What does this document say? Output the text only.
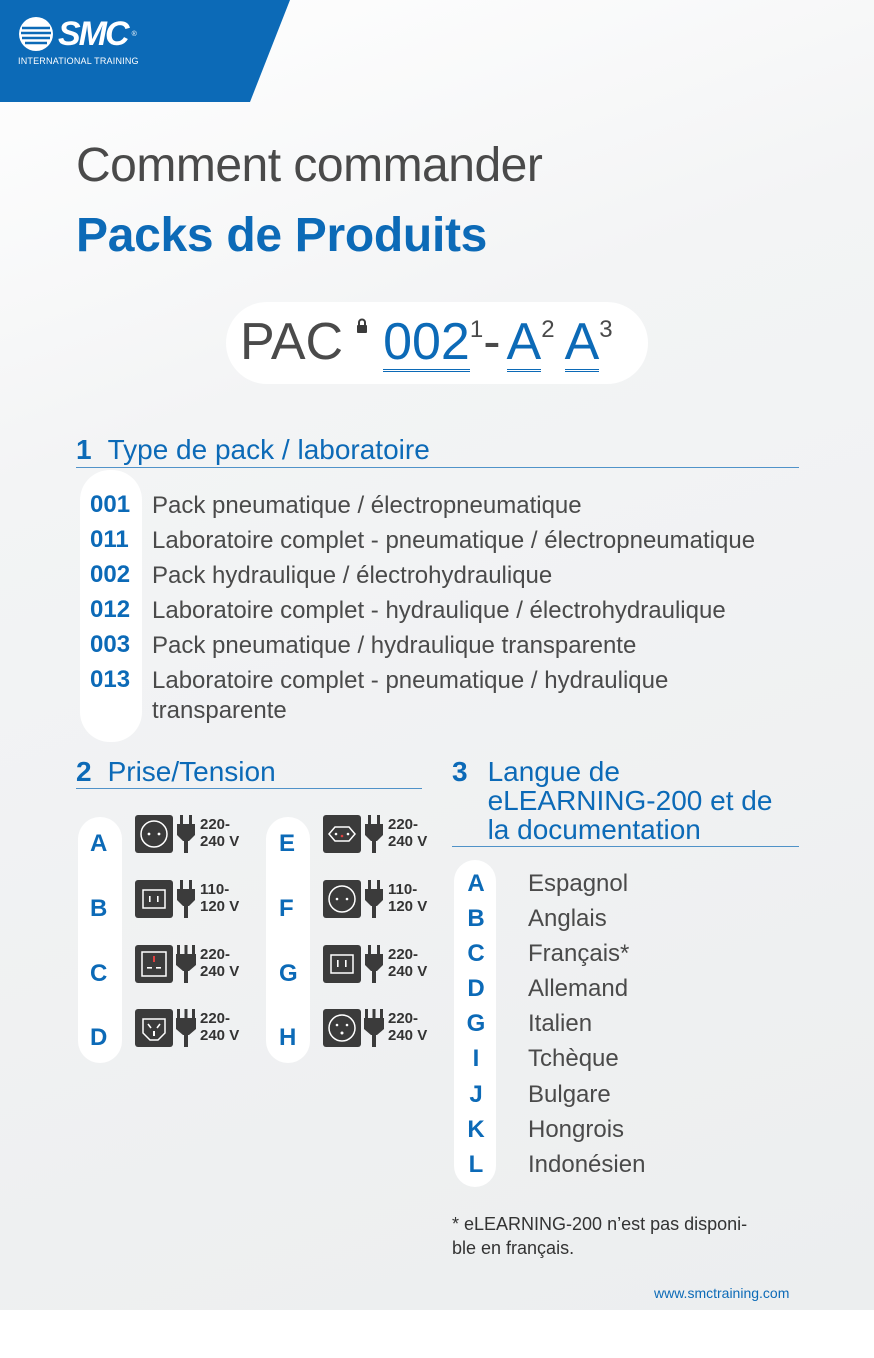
SMC ®
INTERNATIONAL TRAINING
Comment commander
Packs de Produits
PAC $002^1-$ $A^2$ $A^3$
1 Type de pack / laboratoire
001 Pack pneumatique / électropneumatique
011 Laboratoire complet - pneumatique / électropneumatique
002 Pack hydraulique / électrohydraulique
012 Laboratoire complet - hydraulique / électrohydraulique
003 Pack pneumatique / hydraulique transparente
013 Laboratoire complet - pneumatique / hydraulique transparente
2 Prise/Tension
A
220-
240 V
B
110-
120 V
C
220-
240 V
D
220-
240 V
E
220-
240 V
F
110-
120 V
G
220-
240 V
H
220-
240 V
3 Langue de
eLEARNING-200 et de
la documentation
A Espagnol
B Anglais
C Français*
D Allemand
G Italien
I Tchèque
J Bulgare
K Hongrois
L Indonésien
* eLEARNING-200 n’est pas disponi-
ble en français.
www.smctraining.com
